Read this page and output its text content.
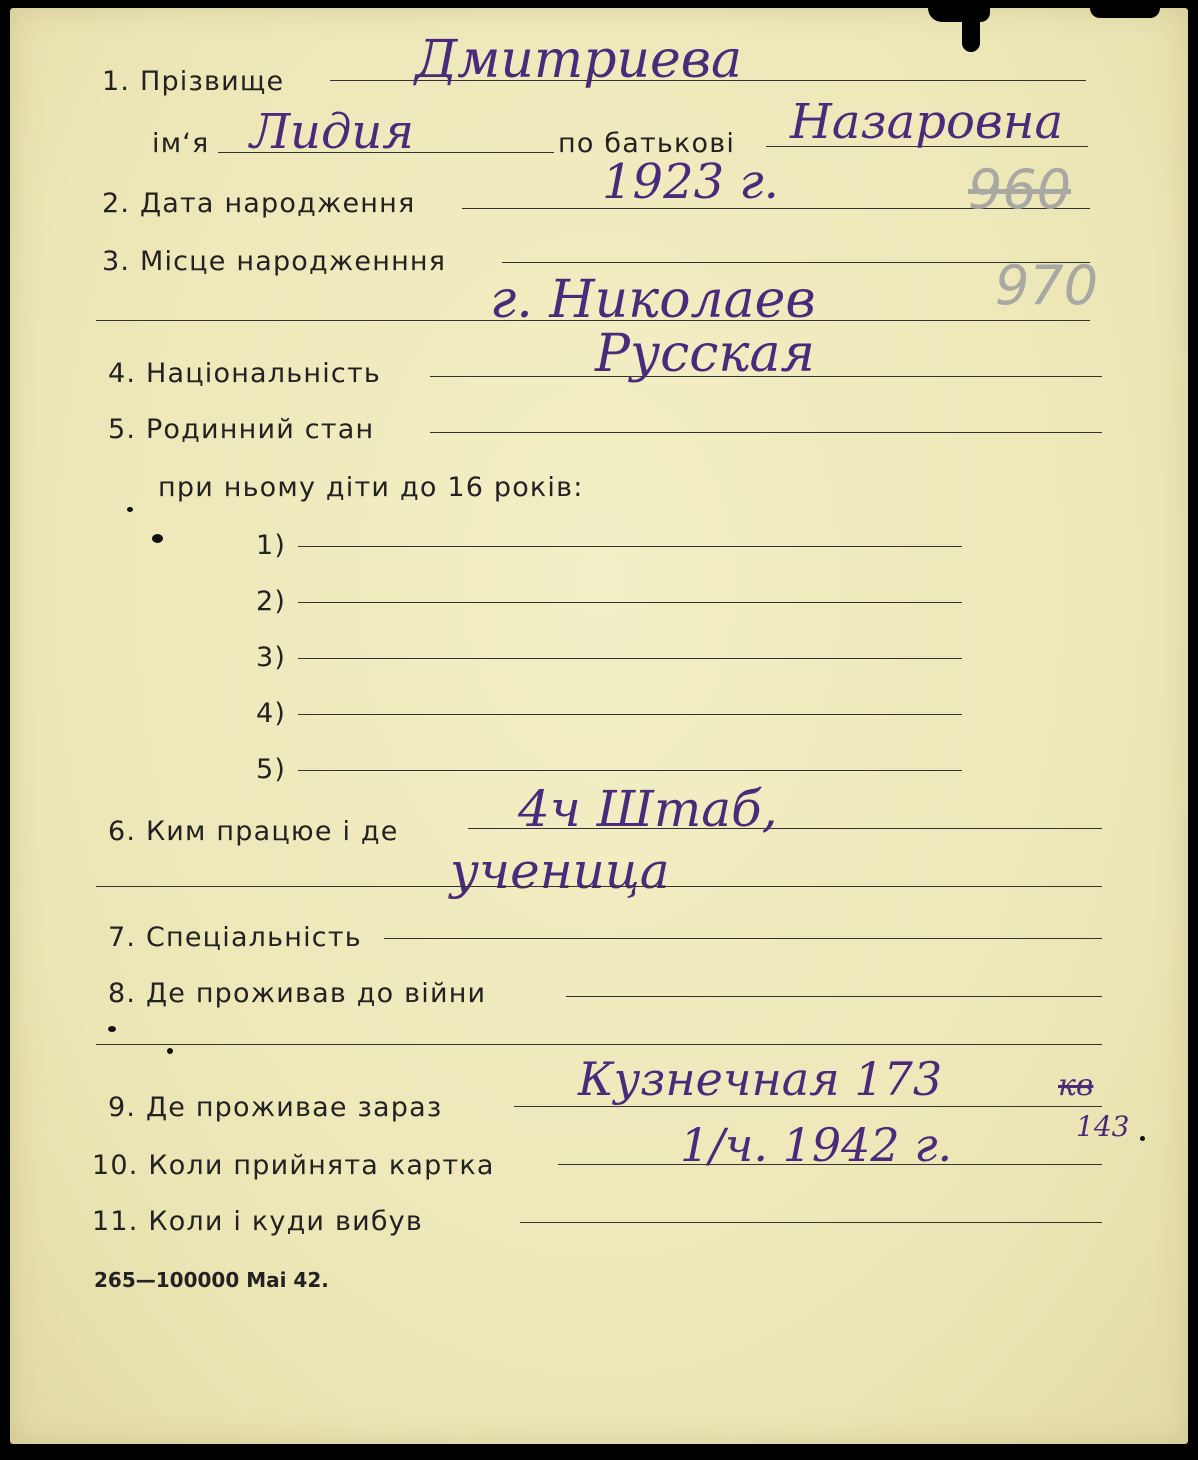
1. Прізвище	Дмитриева
ім‘я Лидия	по батькові Назаровна
2. Дата народження	1923 г.	960
3. Місце народженння	970
г. Николаев
4. Національність	Русская
5. Родинний стан
при ньому діти до 16 років:
1)
2)
3)
4)
5)
6. Ким працюе і де 4ч Штаб,
ученица
7. Спеціальність
8. Де проживав до війни
9. Де проживае зараз
Кузнечная 173	кв
143
10. Коли прийнята картка	1/ч. 1942 г.
11. Коли і куди вибув
265—100000 Mai 42.
